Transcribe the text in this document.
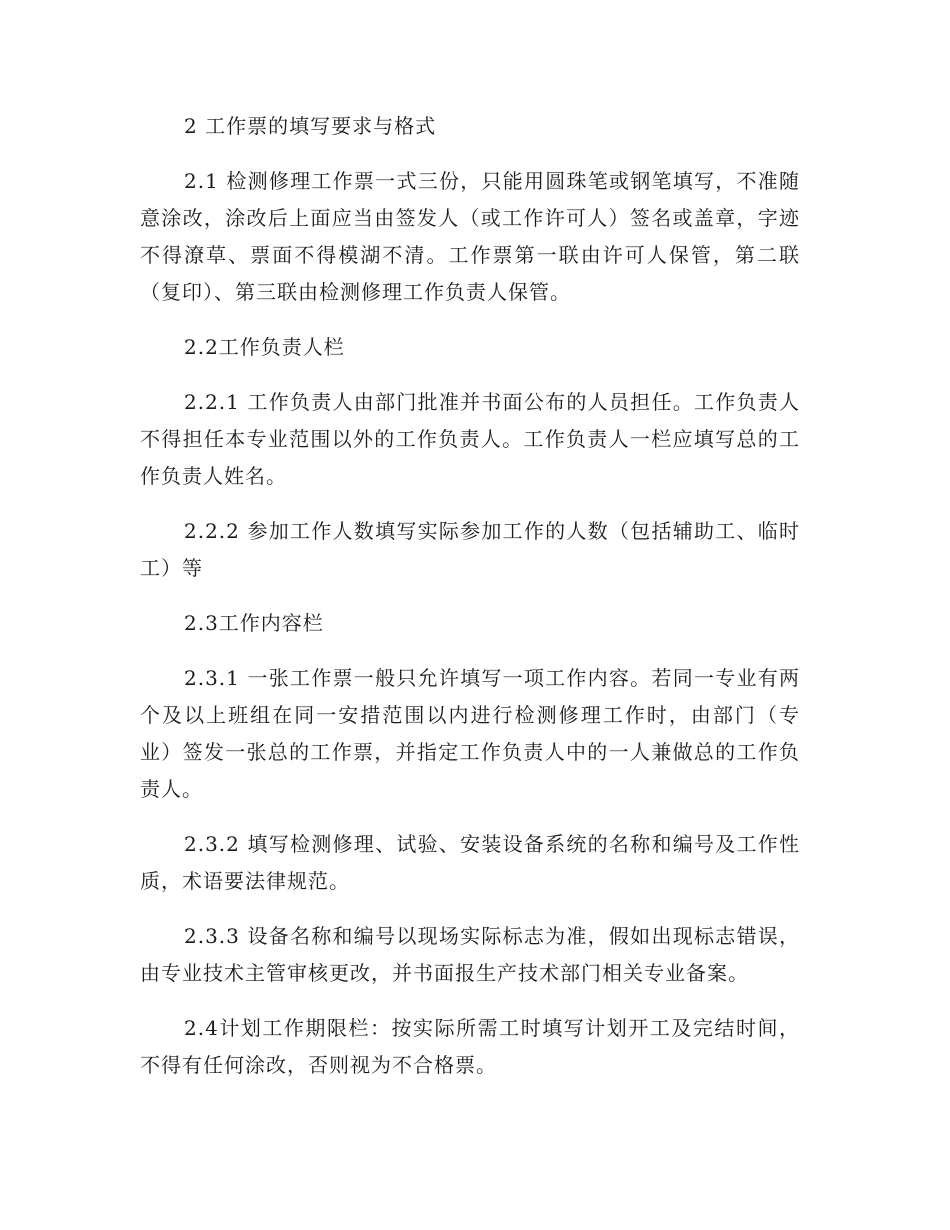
2 工作票的填写要求与格式

2.1 检测修理工作票一式三份，只能用圆珠笔或钢笔填写，不准随意涂改，涂改后上面应当由签发人（或工作许可人）签名或盖章，字迹不得潦草、票面不得模湖不清。工作票第一联由许可人保管，第二联（复印）、第三联由检测修理工作负责人保管。

2.2工作负责人栏

2.2.1 工作负责人由部门批准并书面公布的人员担任。工作负责人不得担任本专业范围以外的工作负责人。工作负责人一栏应填写总的工作负责人姓名。

2.2.2 参加工作人数填写实际参加工作的人数（包括辅助工、临时工）等

2.3工作内容栏

2.3.1 一张工作票一般只允许填写一项工作内容。若同一专业有两个及以上班组在同一安措范围以内进行检测修理工作时，由部门（专业）签发一张总的工作票，并指定工作负责人中的一人兼做总的工作负责人。

2.3.2 填写检测修理、试验、安装设备系统的名称和编号及工作性质，术语要法律规范。

2.3.3 设备名称和编号以现场实际标志为准，假如出现标志错误，由专业技术主管审核更改，并书面报生产技术部门相关专业备案。

2.4计划工作期限栏：按实际所需工时填写计划开工及完结时间，不得有任何涂改，否则视为不合格票。
